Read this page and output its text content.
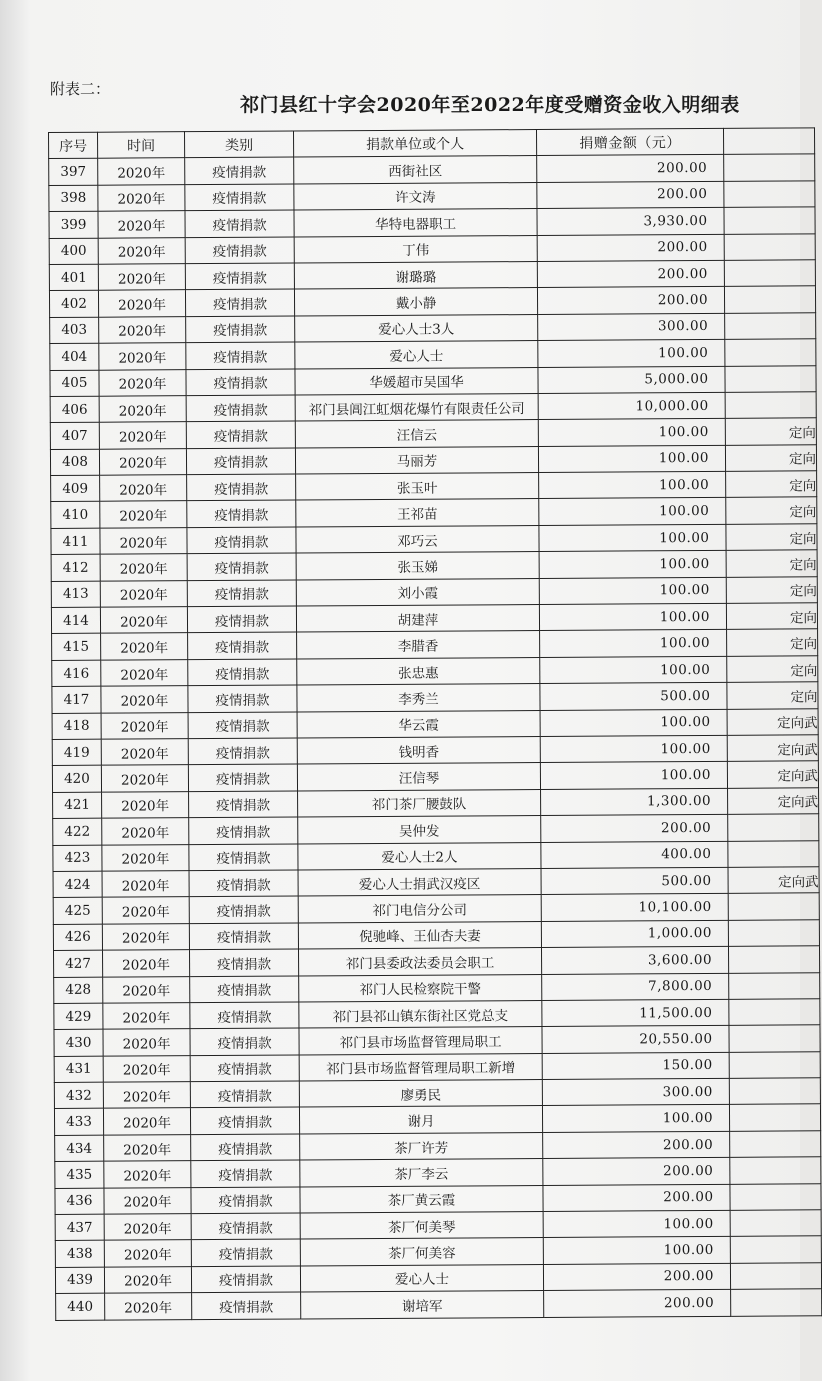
附表二：
祁门县红十字会2020年至2022年度受赠资金收入明细表
序号	时间	类别	捐款单位或个人	捐赠金额（元）	
397	2020年	疫情捐款	西街社区	200.00	
398	2020年	疫情捐款	许文涛	200.00	
399	2020年	疫情捐款	华特电器职工	3,930.00	
400	2020年	疫情捐款	丁伟	200.00	
401	2020年	疫情捐款	谢璐璐	200.00	
402	2020年	疫情捐款	戴小静	200.00	
403	2020年	疫情捐款	爱心人士3人	300.00	
404	2020年	疫情捐款	爱心人士	100.00	
405	2020年	疫情捐款	华媛超市吴国华	5,000.00	
406	2020年	疫情捐款	祁门县阊江虹烟花爆竹有限责任公司	10,000.00	
407	2020年	疫情捐款	汪信云	100.00	定向
408	2020年	疫情捐款	马丽芳	100.00	定向
409	2020年	疫情捐款	张玉叶	100.00	定向
410	2020年	疫情捐款	王祁苗	100.00	定向
411	2020年	疫情捐款	邓巧云	100.00	定向
412	2020年	疫情捐款	张玉娣	100.00	定向
413	2020年	疫情捐款	刘小霞	100.00	定向
414	2020年	疫情捐款	胡建萍	100.00	定向
415	2020年	疫情捐款	李腊香	100.00	定向
416	2020年	疫情捐款	张忠惠	100.00	定向
417	2020年	疫情捐款	李秀兰	500.00	定向
418	2020年	疫情捐款	华云霞	100.00	定向武
419	2020年	疫情捐款	钱明香	100.00	定向武
420	2020年	疫情捐款	汪信琴	100.00	定向武
421	2020年	疫情捐款	祁门茶厂腰鼓队	1,300.00	定向武
422	2020年	疫情捐款	吴仲发	200.00	
423	2020年	疫情捐款	爱心人士2人	400.00	
424	2020年	疫情捐款	爱心人士捐武汉疫区	500.00	定向武
425	2020年	疫情捐款	祁门电信分公司	10,100.00	
426	2020年	疫情捐款	倪驰峰、王仙杏夫妻	1,000.00	
427	2020年	疫情捐款	祁门县委政法委员会职工	3,600.00	
428	2020年	疫情捐款	祁门人民检察院干警	7,800.00	
429	2020年	疫情捐款	祁门县祁山镇东街社区党总支	11,500.00	
430	2020年	疫情捐款	祁门县市场监督管理局职工	20,550.00	
431	2020年	疫情捐款	祁门县市场监督管理局职工新增	150.00	
432	2020年	疫情捐款	廖勇民	300.00	
433	2020年	疫情捐款	谢月	100.00	
434	2020年	疫情捐款	茶厂许芳	200.00	
435	2020年	疫情捐款	茶厂李云	200.00	
436	2020年	疫情捐款	茶厂黄云霞	200.00	
437	2020年	疫情捐款	茶厂何美琴	100.00	
438	2020年	疫情捐款	茶厂何美容	100.00	
439	2020年	疫情捐款	爱心人士	200.00	
440	2020年	疫情捐款	谢培军	200.00	
